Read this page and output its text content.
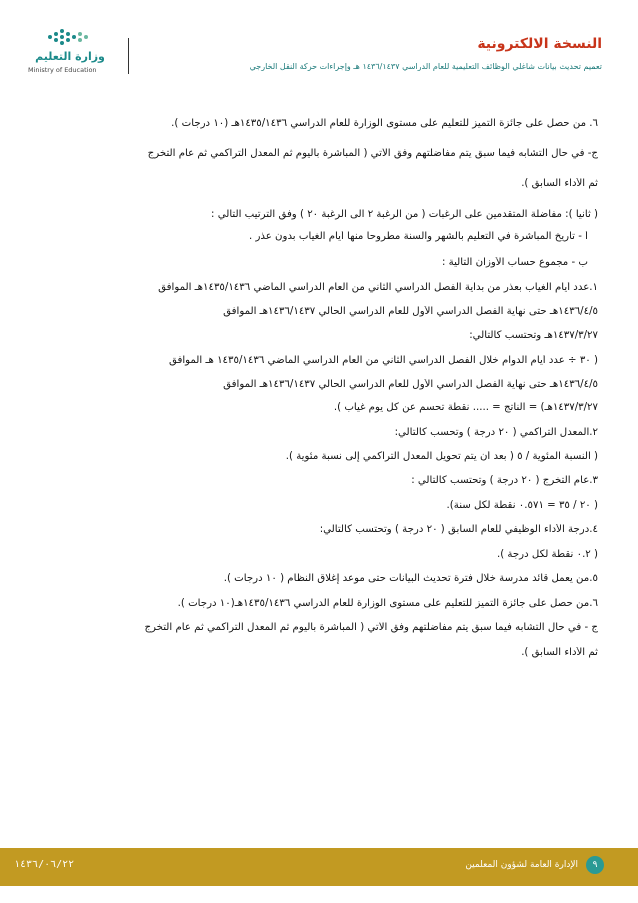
وزارة التعليم
Ministry of Education
النسخة الالكترونية
تعميم تحديث بيانات شاغلي الوظائف التعليمية للعام الدراسي ١٤٣٦/١٤٣٧ هـ وإجراءات حركة النقل الخارجي
٦. من حصل على جائزة التميز للتعليم على مستوى الوزارة للعام الدراسي ١٤٣٥/١٤٣٦هـ (١٠ درجات ).
ج- في حال التشابه فيما سبق يتم مفاضلتهم وفق الآتي ( المباشرة باليوم ثم المعدل التراكمي ثم عام التخرج
ثم الأداء السابق ).
( ثانياً ): مفاضلة المتقدمين على الرغبات ( من الرغبة ٢ الى الرغبة ٢٠ ) وفق الترتيب التالي :
أ - تاريخ المباشرة في التعليم بالشهر والسنة مطروحاً منها أيام الغياب بدون عذر .
ب - مجموع حساب الأوزان التالية :
١.عدد أيام الغياب بعذر من بداية الفصل الدراسي الثاني من العام الدراسي الماضي ١٤٣٥/١٤٣٦هـ الموافق
١٤٣٦/٤/٥هـ حتى نهاية الفصل الدراسي الأول للعام الدراسي الحالي ١٤٣٦/١٤٣٧هـ الموافق
١٤٣٧/٣/٢٧هـ وتحتسب كالتالي:
( ٣٠ ÷ عدد أيام الدوام خلال الفصل الدراسي الثاني من العام الدراسي الماضي ١٤٣٥/١٤٣٦ هـ الموافق
١٤٣٦/٤/٥هـ حتى نهاية الفصل الدراسي الأول للعام الدراسي الحالي ١٤٣٦/١٤٣٧هـ الموافق
١٤٣٧/٣/٢٧هـ) = الناتج = ..... نقطة تحسم عن كل يوم غياب ).
٢.المعدل التراكمي ( ٢٠ درجة ) وتحسب كالتالي:
( النسبة المئوية / ٥ ( بعد أن يتم تحويل المعدل التراكمي إلى نسبة مئوية ).
٣.عام التخرج ( ٢٠ درجة ) وتحتسب كالتالي :
( ٢٠ / ٣٥ = ٠.٥٧١ نقطة لكل سنة).
٤.درجة الأداء الوظيفي للعام السابق ( ٢٠ درجة ) وتحتسب كالتالي:
( ٠.٢ نقطة لكل درجة ).
٥.من يعمل قائد مدرسة خلال فترة تحديث البيانات حتى موعد إغلاق النظام ( ١٠ درجات ).
٦.من حصل على جائزة التميز للتعليم على مستوى الوزارة للعام الدراسي ١٤٣٥/١٤٣٦هـ(١٠ درجات ).
ج - في حال التشابه فيما سبق يتم مفاضلتهم وفق الآتي ( المباشرة باليوم ثم المعدل التراكمي ثم عام التخرج
ثم الأداء السابق ).
١٤٣٦/٠٦/٢٢	الإدارة العامة لشؤون المعلمين	٩
